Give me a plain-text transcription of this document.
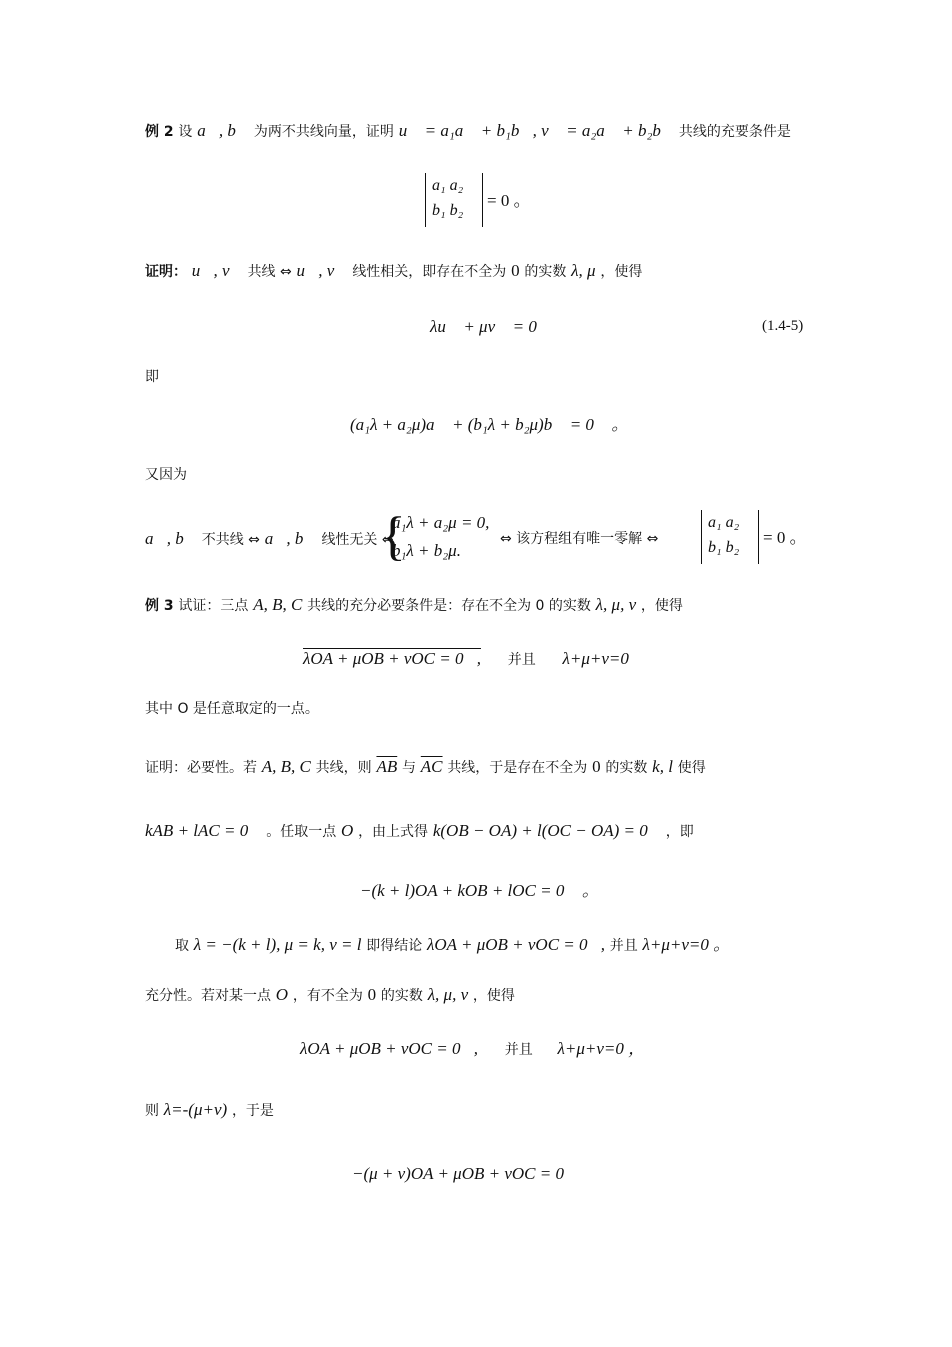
例 2 设 a⃗, b⃗ 为两不共线向量，证明 u⃗ = a₁a⃗ + b₁b⃗, v⃗ = a₂a⃗ + b₂b⃗ 共线的充要条件是
a₁ a₂
b₁ b₂
= 0 。
证明： u⃗, v⃗ 共线 ⇔ u⃗, v⃗ 线性相关，即存在不全为 0 的实数 λ, μ ，使得
λu⃗ + μv⃗ = 0⃗ ，	(1.4-5)
即
(a₁λ + a₂μ)a⃗ + (b₁λ + b₂μ)b⃗ = 0⃗ 。
又因为
a⃗, b⃗ 不共线 ⇔ a⃗, b⃗ 线性无关 ⇔
{
a₁λ + a₂μ = 0,
b₁λ + b₂μ.
⇔ 该方程组有唯一零解 ⇔
a₁ a₂
b₁ b₂
= 0 。
例 3 试证：三点 A, B, C 共线的充分必要条件是：存在不全为 0 的实数 λ, μ, ν ，使得
λOA + μOB + νOC = 0⃗, 并且 λ+μ+ν=0
其中 O 是任意取定的一点。
证明：必要性。若 A, B, C 共线，则 $\overline{AB}$ 与 $\overline{AC}$ 共线，于是存在不全为 0 的实数 k, l 使得
kAB + lAC = 0⃗ 。任取一点 O ，由上式得 k(OB − OA) + l(OC − OA) = 0⃗ ，即
−(k + l)OA + kOB + lOC = 0⃗ 。
取 λ = −(k + l), μ = k, ν = l 即得结论 λOA + μOB + νOC = 0⃗, 并且 λ+μ+ν=0 。
充分性。若对某一点 O ，有不全为 0 的实数 λ, μ, ν ，使得
λOA + μOB + νOC = 0⃗, 并且 λ+μ+ν=0 ，
则 λ=-(μ+ν) ，于是
−(μ + ν)OA + μOB + νOC = 0⃗ ，
